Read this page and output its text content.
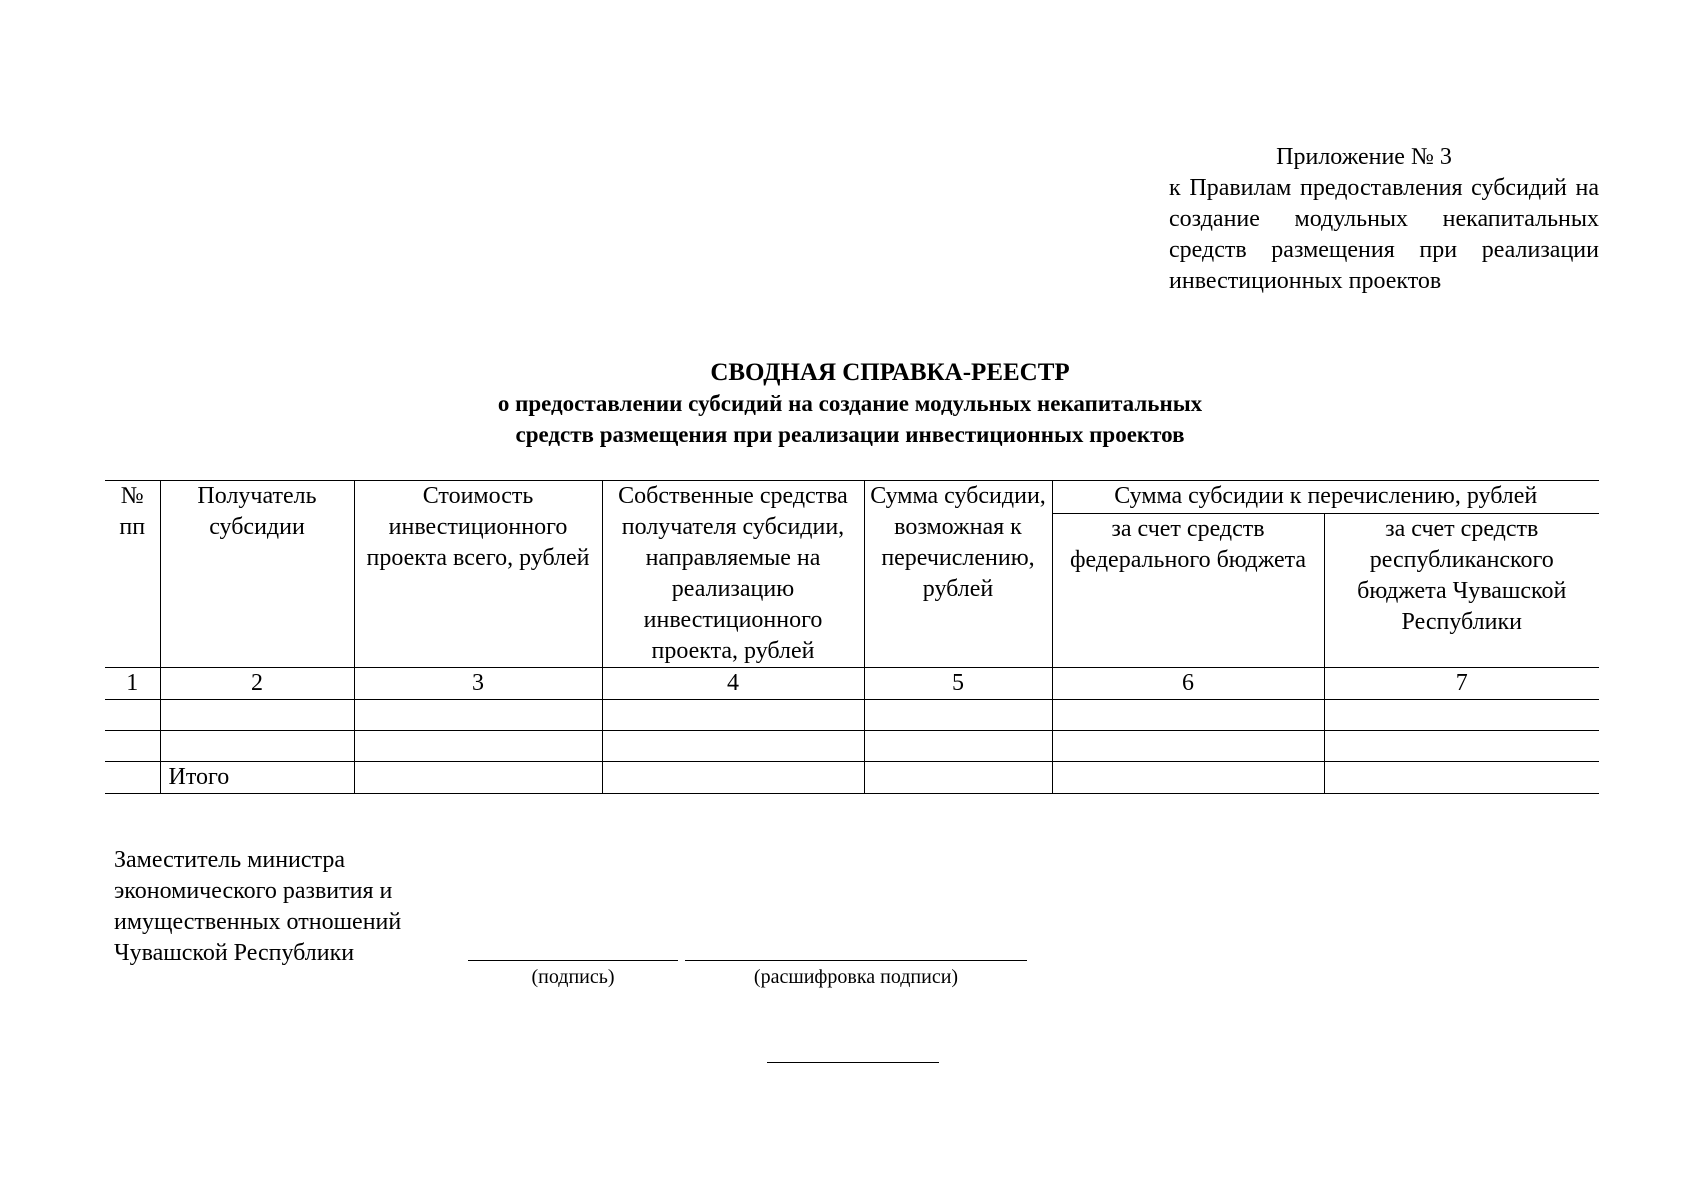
Приложение № 3
к Правилам предоставления субсидий на создание модульных некапитальных средств размещения при реализации инвестиционных проектов
СВОДНАЯ СПРАВКА-РЕЕСТР
о предоставлении субсидий на создание модульных некапитальных
средств размещения при реализации инвестиционных проектов
№ пп	Получатель субсидии	Стоимость инвестиционного проекта всего, рублей	Собственные средства получателя субсидии, направляемые на реализацию инвестиционного проекта, рублей	Сумма субсидии, возможная к перечислению, рублей	Сумма субсидии к перечислению, рублей	
					за счет средств федерального бюджета	за счет средств республиканского бюджета Чувашской Республики
1	2	3	4	5	6	7

	Итого					
Заместитель министра экономического развития и имущественных отношений Чувашской Республики
(подпись)	(расшифровка подписи)
